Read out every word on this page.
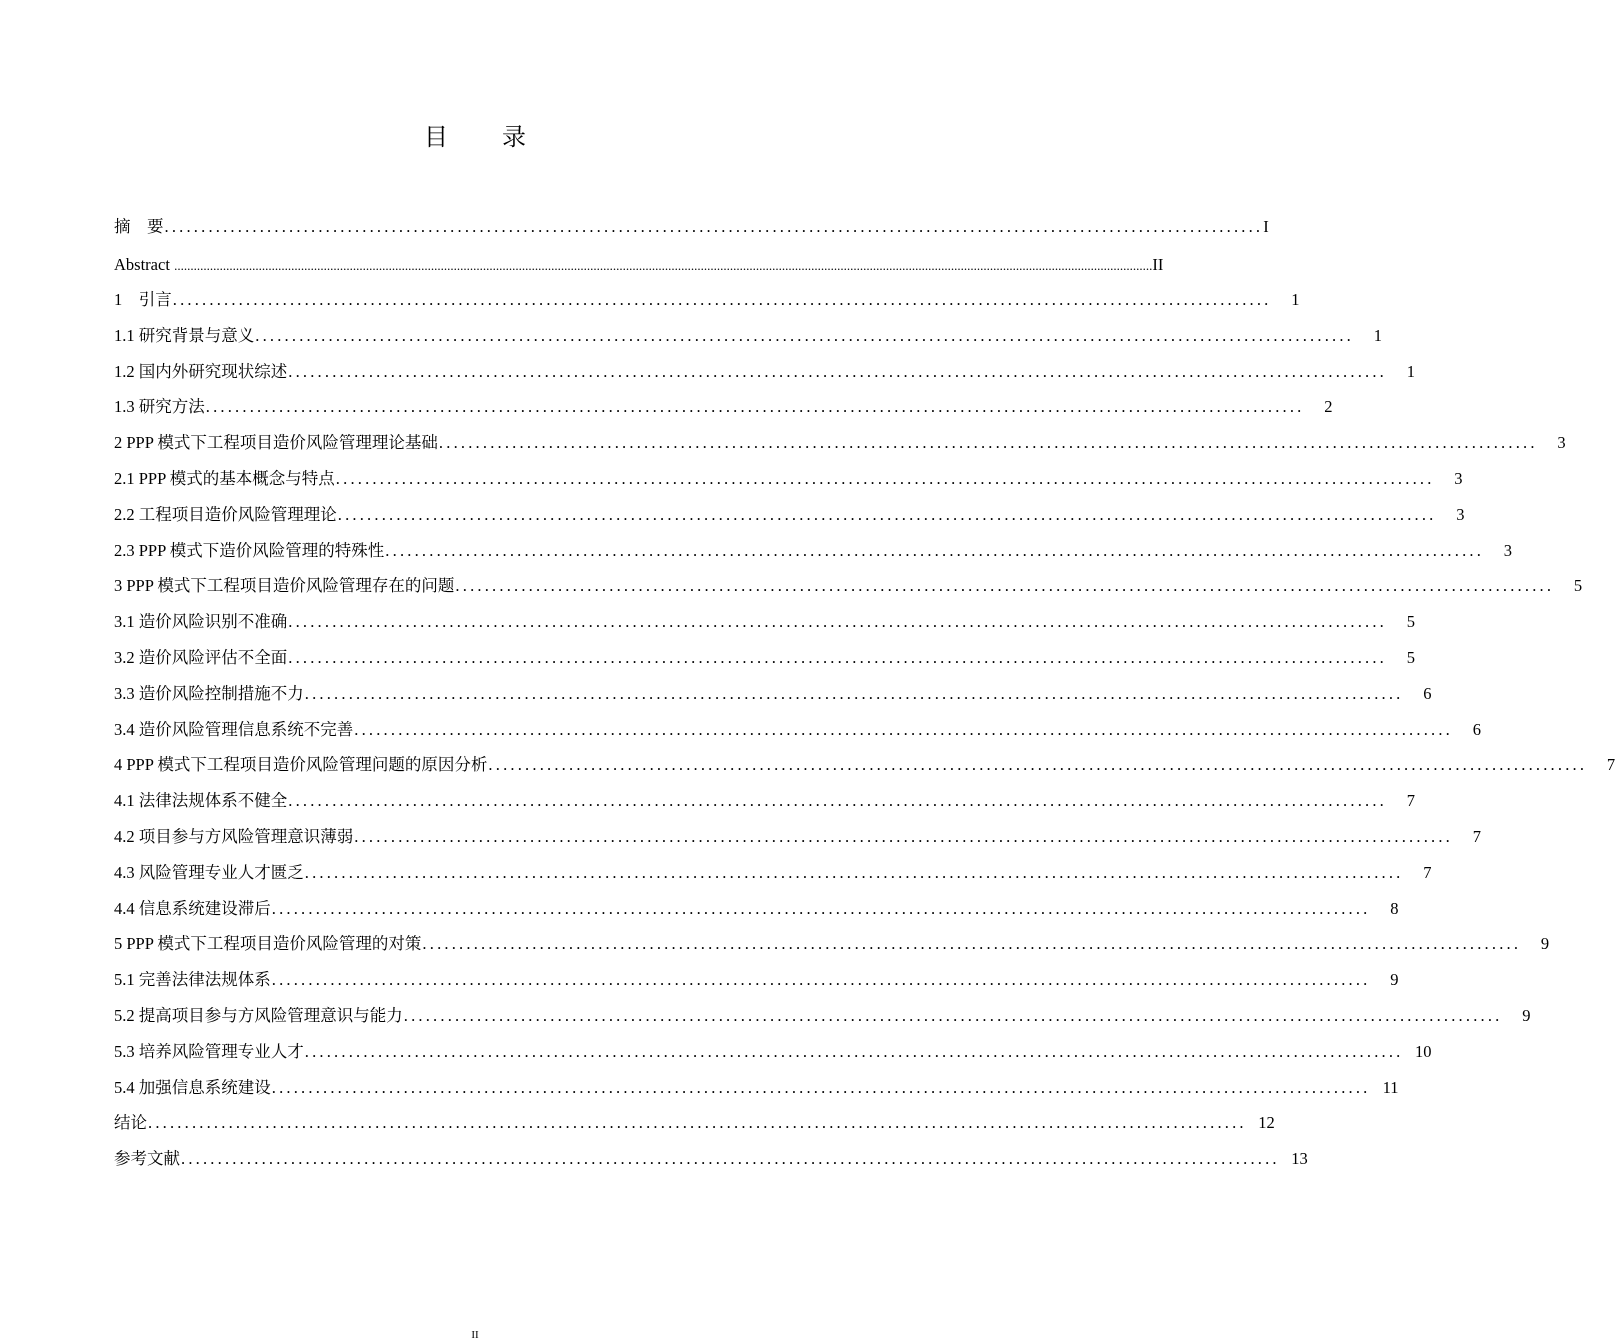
目 录
摘　要 ...................................................................................................................................................... I
Abstract ............................................................................................................................................................................................................................................................................................................. II
1　引言 ......................................................................................................................................................	1
1.1 研究背景与意义 ......................................................................................................................................................	1
1.2 国内外研究现状综述 ......................................................................................................................................................	1
1.3 研究方法 ......................................................................................................................................................	2
2 PPP 模式下工程项目造价风险管理理论基础 ......................................................................................................................................................	3
2.1 PPP 模式的基本概念与特点 ......................................................................................................................................................	3
2.2 工程项目造价风险管理理论 ......................................................................................................................................................	3
2.3 PPP 模式下造价风险管理的特殊性 ......................................................................................................................................................	3
3 PPP 模式下工程项目造价风险管理存在的问题 ......................................................................................................................................................	5
3.1 造价风险识别不准确 ......................................................................................................................................................	5
3.2 造价风险评估不全面 ......................................................................................................................................................	5
3.3 造价风险控制措施不力 ......................................................................................................................................................	6
3.4 造价风险管理信息系统不完善 ......................................................................................................................................................	6
4 PPP 模式下工程项目造价风险管理问题的原因分析 ......................................................................................................................................................	7
4.1 法律法规体系不健全 ......................................................................................................................................................	7
4.2 项目参与方风险管理意识薄弱 ......................................................................................................................................................	7
4.3 风险管理专业人才匮乏 ......................................................................................................................................................	7
4.4 信息系统建设滞后 ......................................................................................................................................................	8
5 PPP 模式下工程项目造价风险管理的对策 ......................................................................................................................................................	9
5.1 完善法律法规体系 ......................................................................................................................................................	9
5.2 提高项目参与方风险管理意识与能力 ......................................................................................................................................................	9
5.3 培养风险管理专业人才 ...................................................................................................................................................... 10
5.4 加强信息系统建设 ...................................................................................................................................................... 11
结论 ...................................................................................................................................................... 12
参考文献 ...................................................................................................................................................... 13
II
